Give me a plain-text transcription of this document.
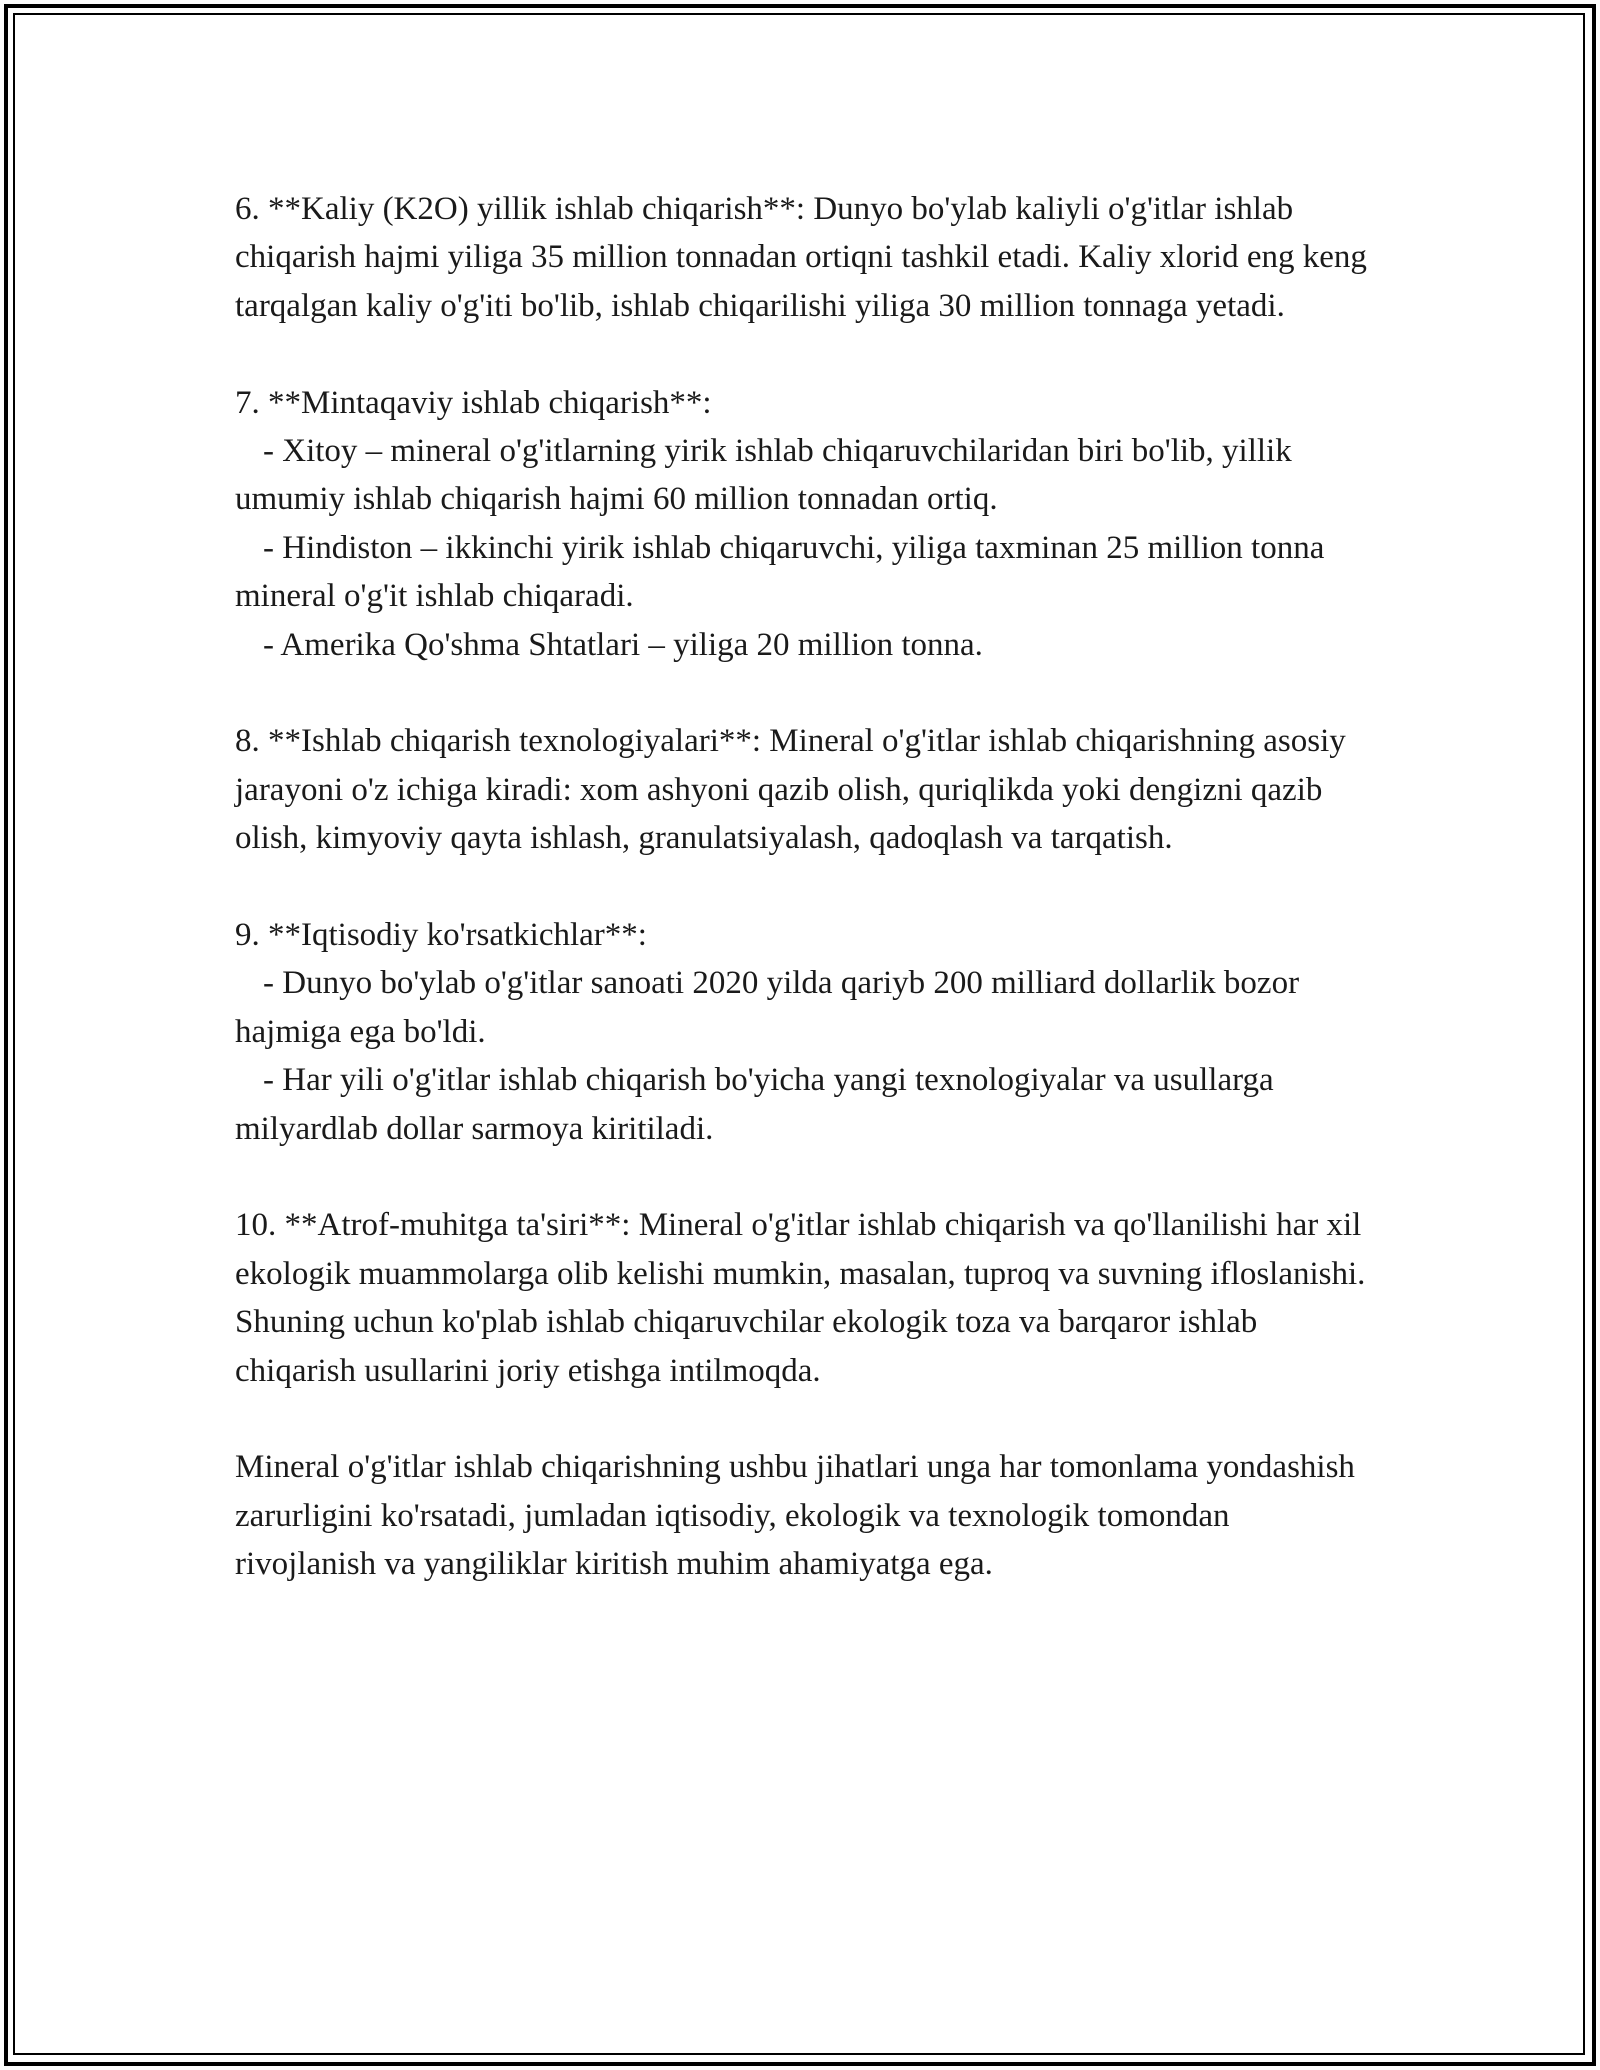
6. **Kaliy (K2O) yillik ishlab chiqarish**: Dunyo bo'ylab kaliyli o'g'itlar ishlab chiqarish hajmi yiliga 35 million tonnadan ortiqni tashkil etadi. Kaliy xlorid eng keng tarqalgan kaliy o'g'iti bo'lib, ishlab chiqarilishi yiliga 30 million tonnaga yetadi.

7. **Mintaqaviy ishlab chiqarish**:

- Xitoy – mineral o'g'itlarning yirik ishlab chiqaruvchilaridan biri bo'lib, yillik umumiy ishlab chiqarish hajmi 60 million tonnadan ortiq.

- Hindiston – ikkinchi yirik ishlab chiqaruvchi, yiliga taxminan 25 million tonna mineral o'g'it ishlab chiqaradi.

- Amerika Qo'shma Shtatlari – yiliga 20 million tonna.

8. **Ishlab chiqarish texnologiyalari**: Mineral o'g'itlar ishlab chiqarishning asosiy jarayoni o'z ichiga kiradi: xom ashyoni qazib olish, quriqlikda yoki dengizni qazib olish, kimyoviy qayta ishlash, granulatsiyalash, qadoqlash va tarqatish.

9. **Iqtisodiy ko'rsatkichlar**:

- Dunyo bo'ylab o'g'itlar sanoati 2020 yilda qariyb 200 milliard dollarlik bozor hajmiga ega bo'ldi.

- Har yili o'g'itlar ishlab chiqarish bo'yicha yangi texnologiyalar va usullarga milyardlab dollar sarmoya kiritiladi.

10. **Atrof-muhitga ta'siri**: Mineral o'g'itlar ishlab chiqarish va qo'llanilishi har xil ekologik muammolarga olib kelishi mumkin, masalan, tuproq va suvning ifloslanishi. Shuning uchun ko'plab ishlab chiqaruvchilar ekologik toza va barqaror ishlab chiqarish usullarini joriy etishga intilmoqda.

Mineral o'g'itlar ishlab chiqarishning ushbu jihatlari unga har tomonlama yondashish zarurligini ko'rsatadi, jumladan iqtisodiy, ekologik va texnologik tomondan rivojlanish va yangiliklar kiritish muhim ahamiyatga ega.
